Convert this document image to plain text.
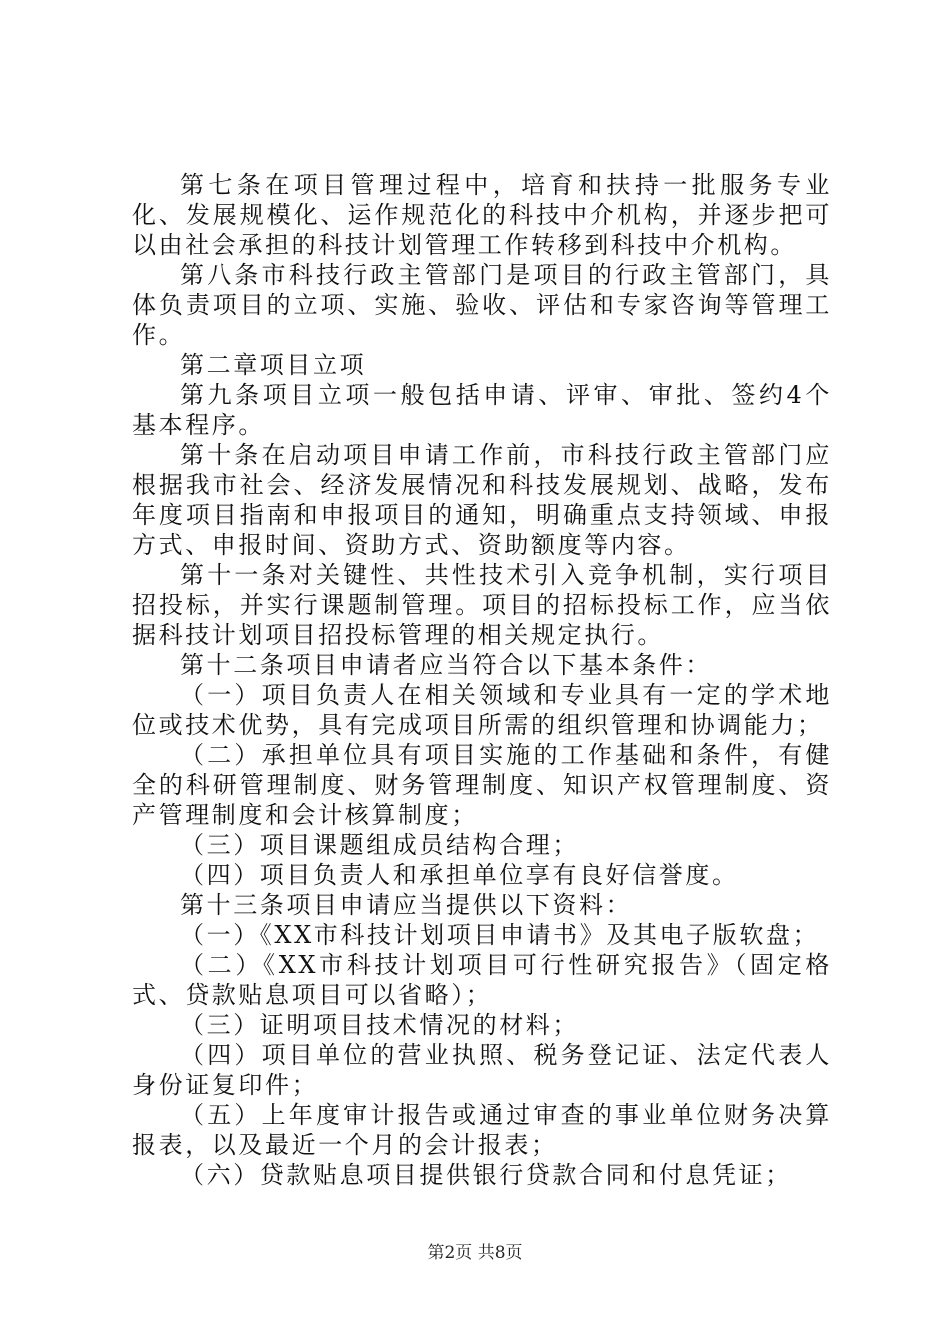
第七条在项目管理过程中，培育和扶持一批服务专业化、发展规模化、运作规范化的科技中介机构，并逐步把可以由社会承担的科技计划管理工作转移到科技中介机构。

第八条市科技行政主管部门是项目的行政主管部门，具体负责项目的立项、实施、验收、评估和专家咨询等管理工作。

第二章项目立项

第九条项目立项一般包括申请、评审、审批、签约4个基本程序。

第十条在启动项目申请工作前，市科技行政主管部门应根据我市社会、经济发展情况和科技发展规划、战略，发布年度项目指南和申报项目的通知，明确重点支持领域、申报方式、申报时间、资助方式、资助额度等内容。

第十一条对关键性、共性技术引入竞争机制，实行项目招投标，并实行课题制管理。项目的招标投标工作，应当依据科技计划项目招投标管理的相关规定执行。

第十二条项目申请者应当符合以下基本条件：

（一）项目负责人在相关领域和专业具有一定的学术地位或技术优势，具有完成项目所需的组织管理和协调能力；

（二）承担单位具有项目实施的工作基础和条件，有健全的科研管理制度、财务管理制度、知识产权管理制度、资产管理制度和会计核算制度；

（三）项目课题组成员结构合理；

（四）项目负责人和承担单位享有良好信誉度。

第十三条项目申请应当提供以下资料：

（一）《XX市科技计划项目申请书》及其电子版软盘；

（二）《XX市科技计划项目可行性研究报告》（固定格式、贷款贴息项目可以省略）；

（三）证明项目技术情况的材料；

（四）项目单位的营业执照、税务登记证、法定代表人身份证复印件；

（五）上年度审计报告或通过审查的事业单位财务决算报表，以及最近一个月的会计报表；

（六）贷款贴息项目提供银行贷款合同和付息凭证；

第2页 共8页
